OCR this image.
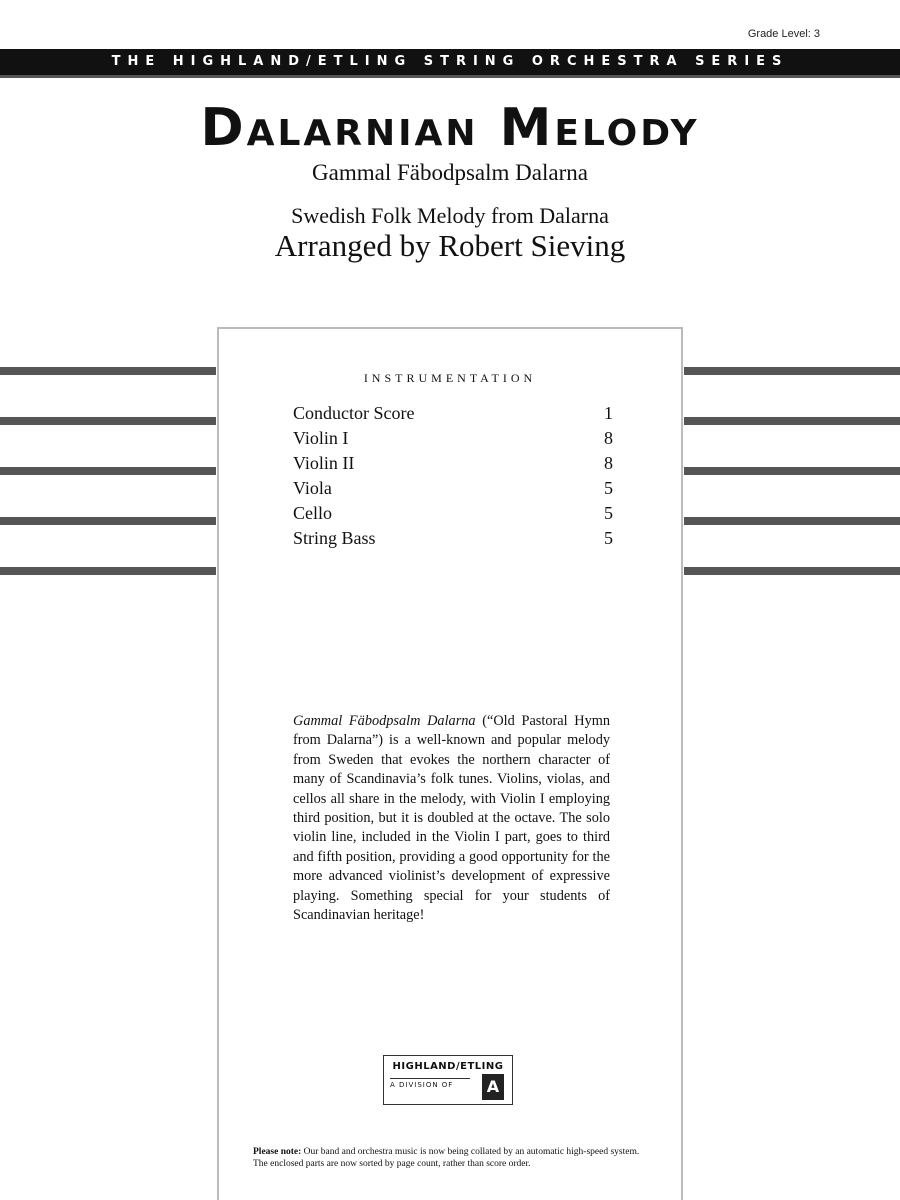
Grade Level: 3
THE HIGHLAND/ETLING STRING ORCHESTRA SERIES
Dalarnian Melody
Gammal Fäbodpsalm Dalarna
Swedish Folk Melody from Dalarna
Arranged by Robert Sieving
INSTRUMENTATION
Conductor Score	1
Violin I	8
Violin II	8
Viola	5
Cello	5
String Bass	5

Gammal Fäbodpsalm Dalarna (“Old Pastoral Hymn from Dalarna”) is a well-known and popular melody from Sweden that evokes the northern character of many of Scandinavia’s folk tunes. Violins, violas, and cellos all share in the melody, with Violin I employing third position, but it is doubled at the octave. The solo violin line, included in the Violin I part, goes to third and fifth position, providing a good opportunity for the more advanced violinist’s development of expressive playing. Something special for your students of Scandinavian heritage!

HIGHLAND/ETLING
A DIVISION OF	A

Please note: Our band and orchestra music is now being collated by an automatic high-speed system. The enclosed parts are now sorted by page count, rather than score order.
